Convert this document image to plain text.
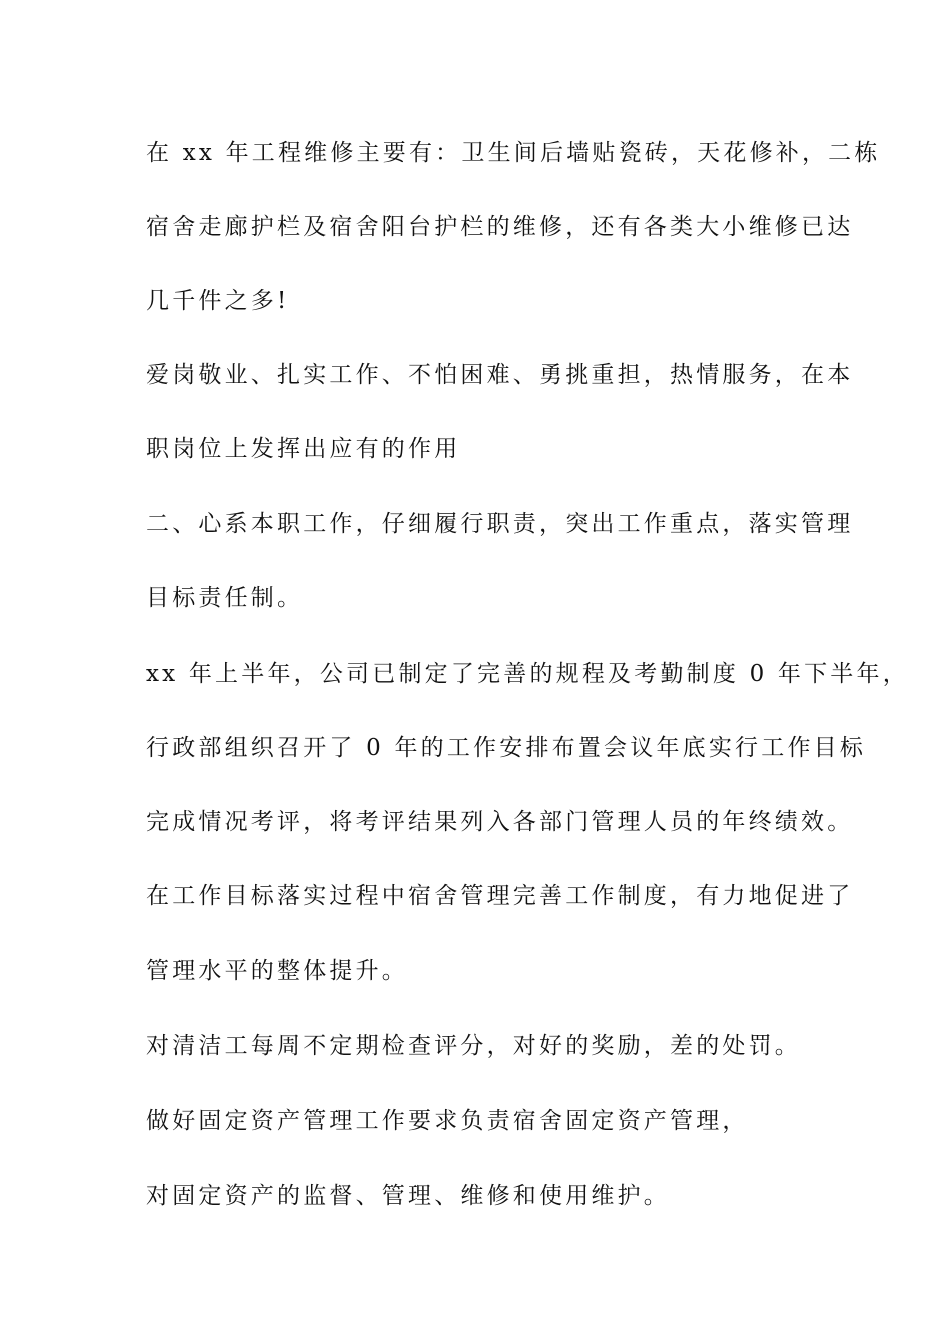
在 xx 年工程维修主要有：卫生间后墙贴瓷砖，天花修补，二栋
宿舍走廊护栏及宿舍阳台护栏的维修，还有各类大小维修已达
几千件之多!
爱岗敬业、扎实工作、不怕困难、勇挑重担，热情服务，在本
职岗位上发挥出应有的作用
二、心系本职工作，仔细履行职责，突出工作重点，落实管理
目标责任制。
xx 年上半年，公司已制定了完善的规程及考勤制度 0 年下半年，
行政部组织召开了 0 年的工作安排布置会议年底实行工作目标
完成情况考评，将考评结果列入各部门管理人员的年终绩效。
在工作目标落实过程中宿舍管理完善工作制度，有力地促进了
管理水平的整体提升。
对清洁工每周不定期检查评分，对好的奖励，差的处罚。
做好固定资产管理工作要求负责宿舍固定资产管理，
对固定资产的监督、管理、维修和使用维护。
